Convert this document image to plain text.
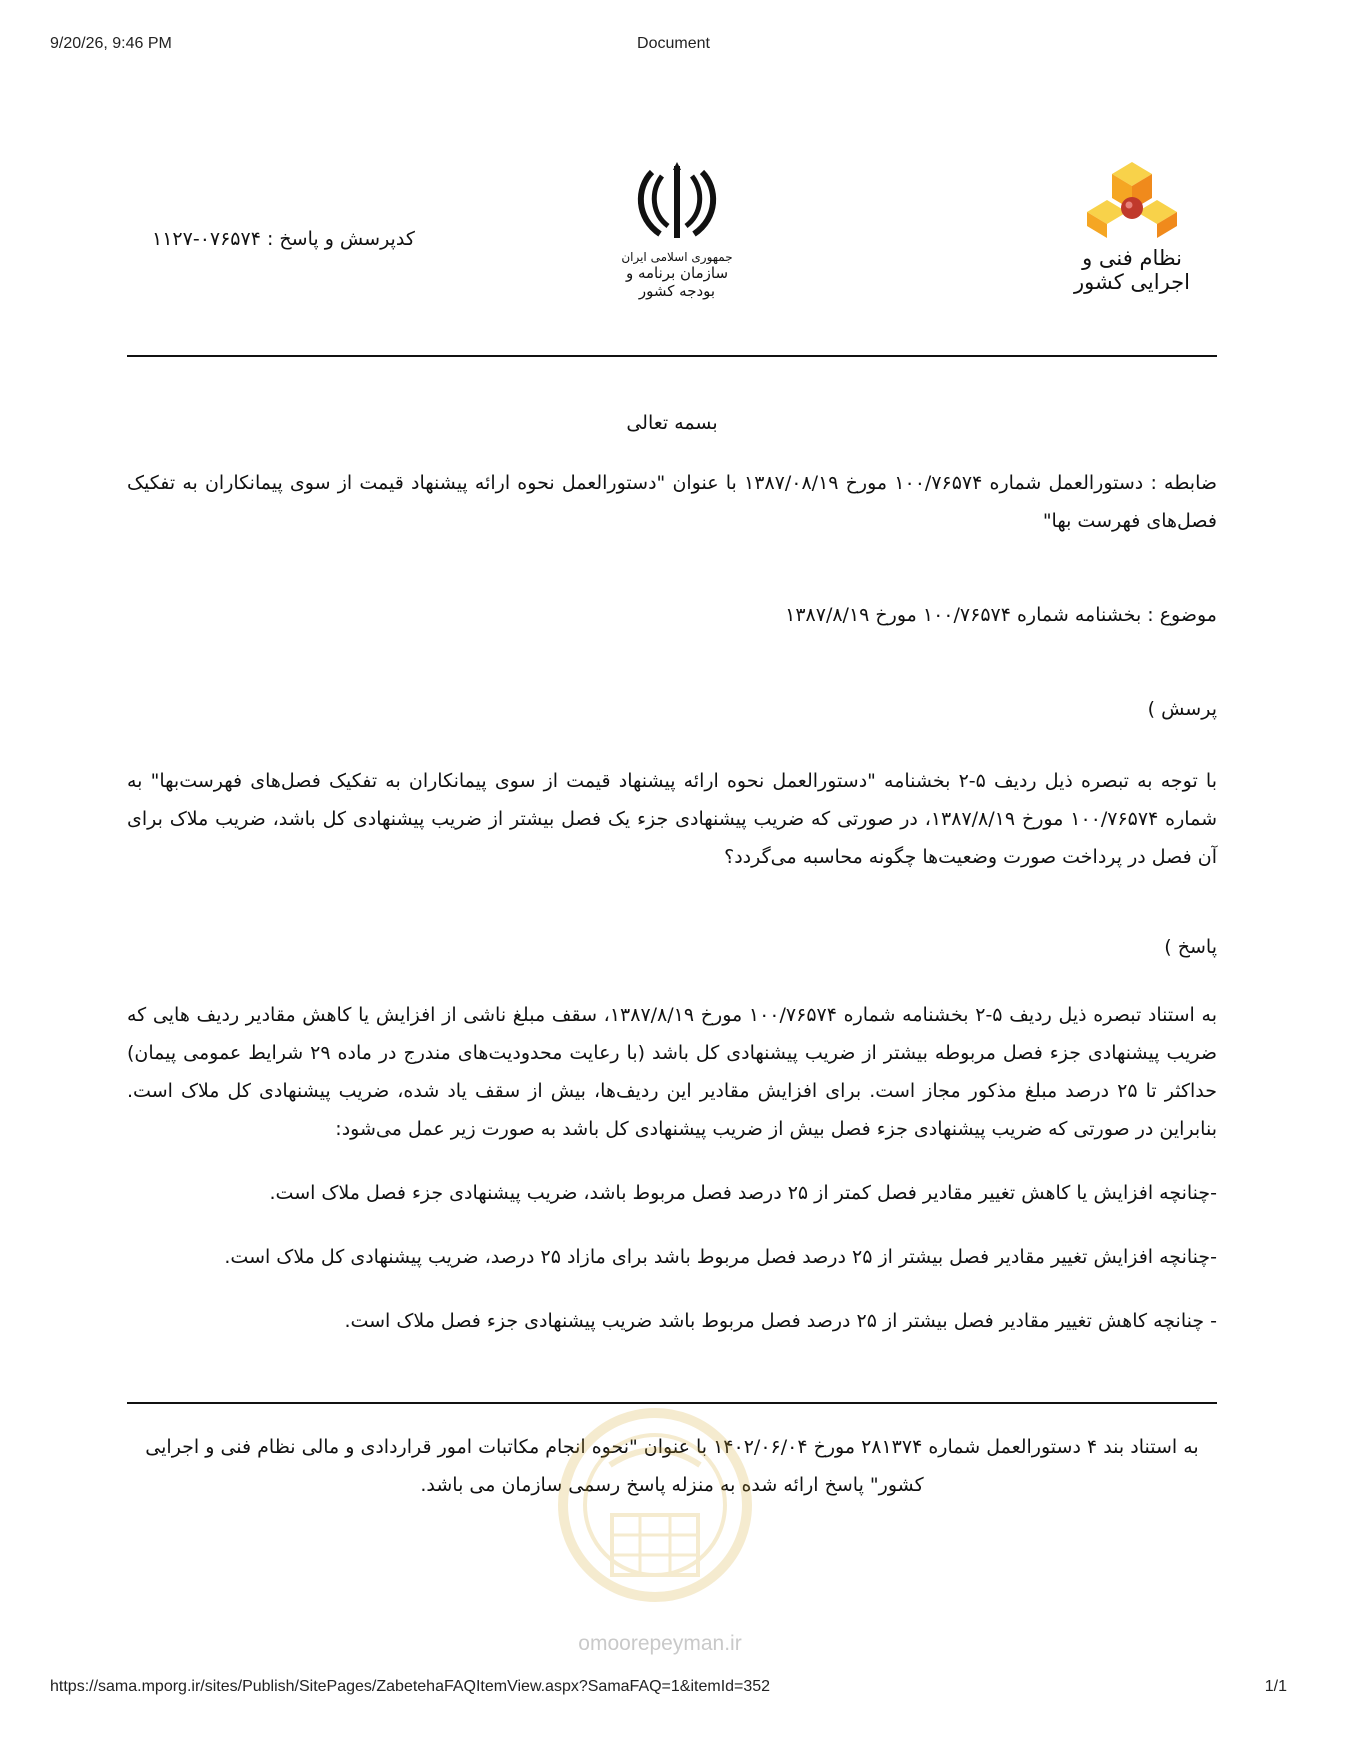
9/20/26, 9:46 PM	Document
نظام فنی و اجرایی کشور
جمهوری اسلامی ایران
سازمان برنامه و بودجه کشور
کدپرسش و پاسخ : ۰۷۶۵۷۴-۱۱۲۷
بسمه تعالی

ضابطه : دستورالعمل شماره ۱۰۰/۷۶۵۷۴ مورخ ۱۳۸۷/۰۸/۱۹ با عنوان "دستورالعمل نحوه ارائه پیشنهاد قیمت از سوی پیمانکاران به تفکیک فصل‌های فهرست بها"

موضوع : بخشنامه شماره ۱۰۰/۷۶۵۷۴ مورخ ۱۳۸۷/۸/۱۹

پرسش )

با توجه به تبصره ذیل ردیف ۵-۲ بخشنامه "دستورالعمل نحوه ارائه پیشنهاد قیمت از سوی پیمانکاران به تفکیک فصل‌های فهرست‌بها" به شماره ۱۰۰/۷۶۵۷۴ مورخ ۱۳۸۷/۸/۱۹، در صورتی که ضریب پیشنهادی جزء یک فصل بیشتر از ضریب پیشنهادی کل باشد، ضریب ملاک برای آن فصل در پرداخت صورت وضعیت‌ها چگونه محاسبه می‌گردد؟

پاسخ )

به استناد تبصره ذیل ردیف ۵-۲ بخشنامه شماره ۱۰۰/۷۶۵۷۴ مورخ ۱۳۸۷/۸/۱۹، سقف مبلغ ناشی از افزایش یا کاهش مقادیر ردیف هایی که ضریب پیشنهادی جزء فصل مربوطه بیشتر از ضریب پیشنهادی کل باشد (با رعایت محدودیت‌های مندرج در ماده ۲۹ شرایط عمومی پیمان) حداکثر تا ۲۵ درصد مبلغ مذکور مجاز است. برای افزایش مقادیر این ردیف‌ها، بیش از سقف یاد شده، ضریب پیشنهادی کل ملاک است. بنابراین در صورتی که ضریب پیشنهادی جزء فصل بیش از ضریب پیشنهادی کل باشد به صورت زیر عمل می‌شود:

-چنانچه افزایش یا کاهش تغییر مقادیر فصل کمتر از ۲۵ درصد فصل مربوط باشد، ضریب پیشنهادی جزء فصل ملاک است.
-چنانچه افزایش تغییر مقادیر فصل بیشتر از ۲۵ درصد فصل مربوط باشد برای مازاد ۲۵ درصد، ضریب پیشنهادی کل ملاک است.
- چنانچه کاهش تغییر مقادیر فصل بیشتر از ۲۵ درصد فصل مربوط باشد ضریب پیشنهادی جزء فصل ملاک است.

به استناد بند ۴ دستورالعمل شماره ۲۸۱۳۷۴ مورخ ۱۴۰۲/۰۶/۰۴ با عنوان "نحوه انجام مکاتبات امور قراردادی و مالی نظام فنی و اجرایی کشور" پاسخ ارائه شده به منزله پاسخ رسمی سازمان می باشد.

omoorepeyman.ir
https://sama.mporg.ir/sites/Publish/SitePages/ZabetehaFAQItemView.aspx?SamaFAQ=1&itemId=352	1/1
